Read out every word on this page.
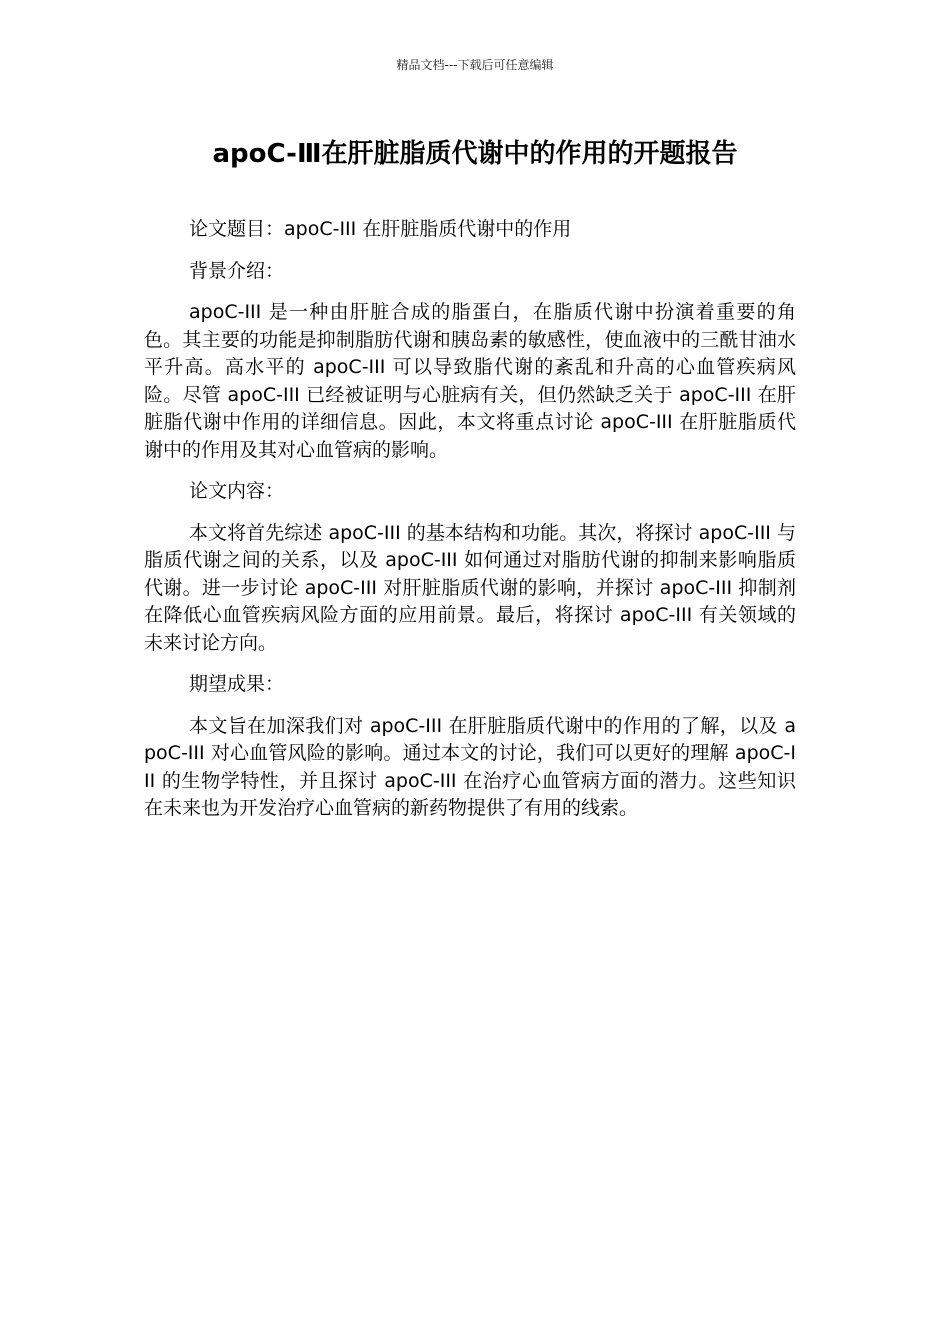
精品文档---下载后可任意编辑
apoC-Ⅲ在肝脏脂质代谢中的作用的开题报告

论文题目：apoC-III 在肝脏脂质代谢中的作用

背景介绍：

apoC-III 是一种由肝脏合成的脂蛋白，在脂质代谢中扮演着重要的角色。其主要的功能是抑制脂肪代谢和胰岛素的敏感性，使血液中的三酰甘油水平升高。高水平的 apoC-III 可以导致脂代谢的紊乱和升高的心血管疾病风险。尽管 apoC-III 已经被证明与心脏病有关，但仍然缺乏关于 apoC-III 在肝脏脂代谢中作用的详细信息。因此，本文将重点讨论 apoC-III 在肝脏脂质代谢中的作用及其对心血管病的影响。

论文内容：

本文将首先综述 apoC-III 的基本结构和功能。其次，将探讨 apoC-III 与脂质代谢之间的关系，以及 apoC-III 如何通过对脂肪代谢的抑制来影响脂质代谢。进一步讨论 apoC-III 对肝脏脂质代谢的影响，并探讨 apoC-III 抑制剂在降低心血管疾病风险方面的应用前景。最后，将探讨 apoC-III 有关领域的未来讨论方向。

期望成果：

本文旨在加深我们对 apoC-III 在肝脏脂质代谢中的作用的了解，以及 apoC-III 对心血管风险的影响。通过本文的讨论，我们可以更好的理解 apoC-III 的生物学特性，并且探讨 apoC-III 在治疗心血管病方面的潜力。这些知识在未来也为开发治疗心血管病的新药物提供了有用的线索。
